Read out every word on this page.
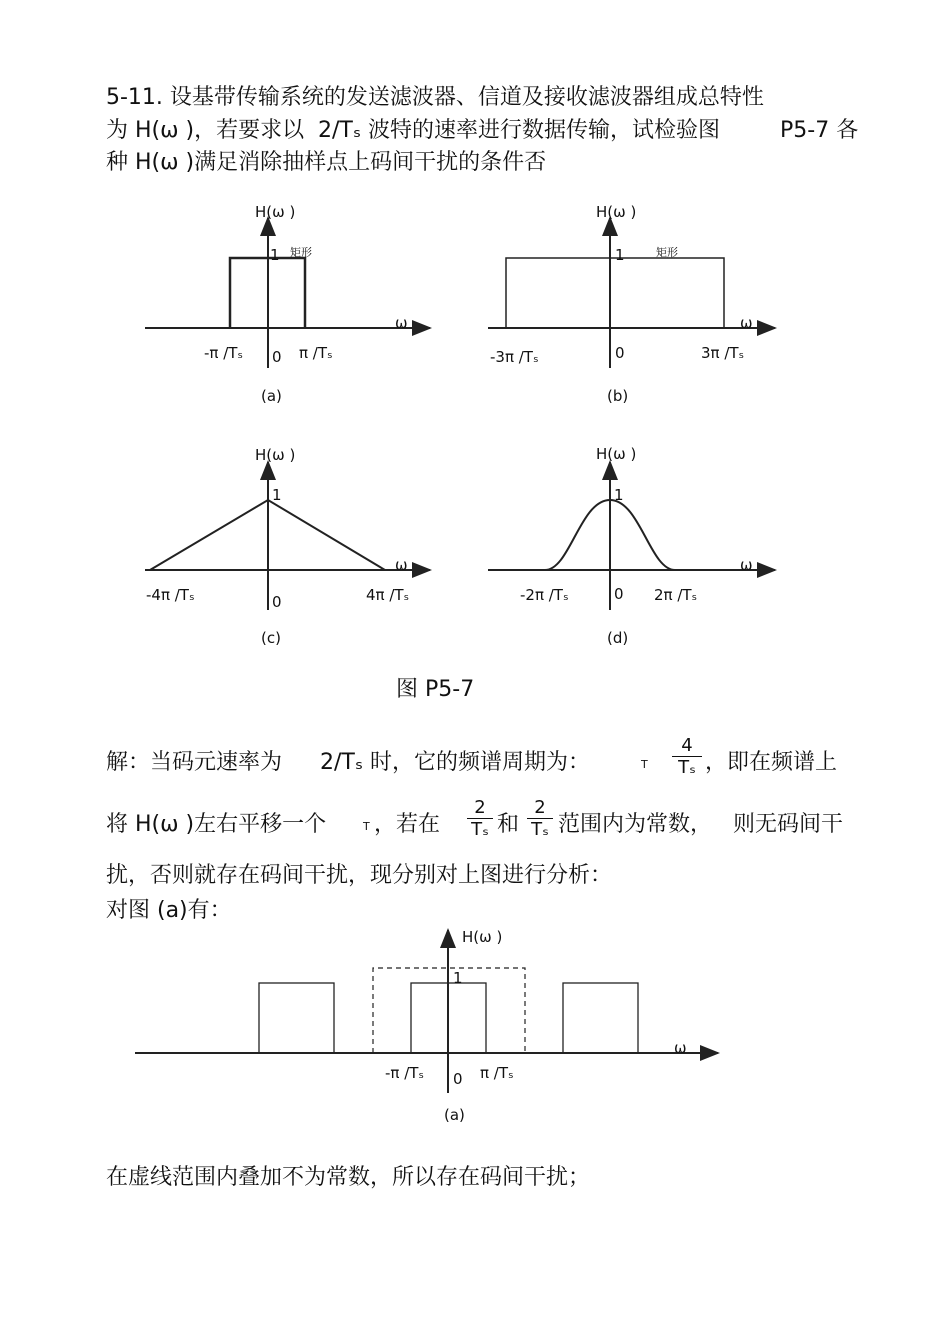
5-11. 设基带传输系统的发送滤波器、信道及接收滤波器组成总特性
为 H(ω )，若要求以 2/Tₛ 波特的速率进行数据传输，试检验图	P5-7 各
种 H(ω )满足消除抽样点上码间干扰的条件否
H(ω )
1 矩形
ω
-π /Tₛ 0 π /Tₛ
(a)
H(ω )
1	矩形
ω
-3π /Tₛ	0	3π /Tₛ
(b)
H(ω )
1
ω
-4π /Tₛ	0	4π /Tₛ
(c)
H(ω )
1
ω
-2π /Tₛ	0 2π /Tₛ
(d)
图 P5-7
解：当码元速率为 2/Tₛ 时，它的频谱周期为：	T $\frac{4}{\text{Tₛ}}$ ，即在频谱上
将 H(ω )左右平移一个	T ，若在 $\frac{2}{\text{Tₛ}}$ 和 $\frac{2}{\text{Tₛ}}$ 范围内为常数， 则无码间干
扰，否则就存在码间干扰，现分别对上图进行分析：
对图 (a)有：
H(ω )
1
ω
-π /Tₛ 0 π /Tₛ
(a)
在虚线范围内叠加不为常数，所以存在码间干扰；
